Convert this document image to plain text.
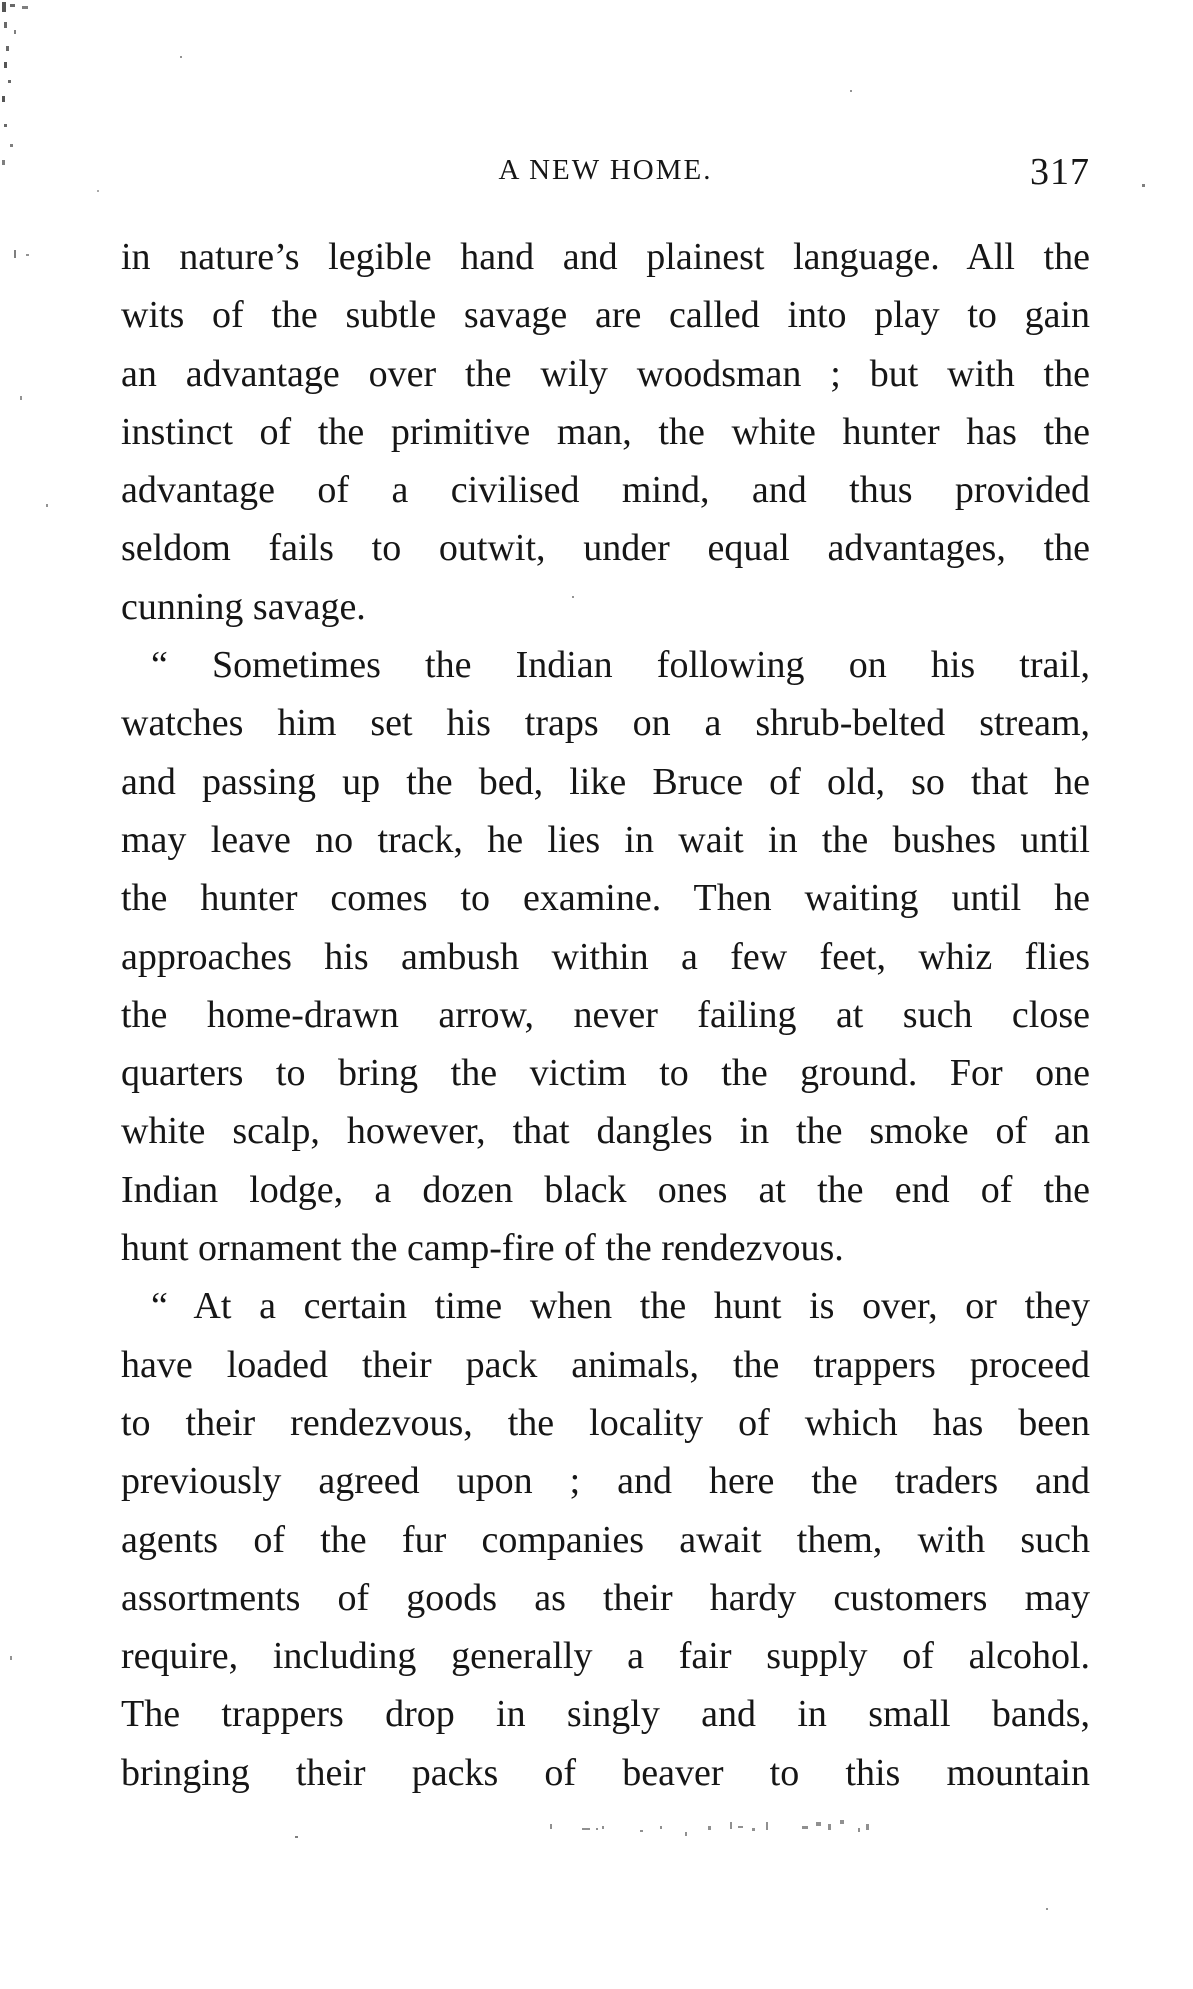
A NEW HOME.	317
in nature’s legible hand and plainest language. All the
wits of the subtle savage are called into play to gain
an advantage over the wily woodsman ; but with the
instinct of the primitive man, the white hunter has the
advantage of a civilised mind, and thus provided
seldom fails to outwit, under equal advantages, the
cunning savage.
“ Sometimes the Indian following on his trail,
watches him set his traps on a shrub-belted stream,
and passing up the bed, like Bruce of old, so that he
may leave no track, he lies in wait in the bushes until
the hunter comes to examine. Then waiting until he
approaches his ambush within a few feet, whiz flies
the home-drawn arrow, never failing at such close
quarters to bring the victim to the ground. For one
white scalp, however, that dangles in the smoke of an
Indian lodge, a dozen black ones at the end of the
hunt ornament the camp-fire of the rendezvous.
“ At a certain time when the hunt is over, or they
have loaded their pack animals, the trappers proceed
to their rendezvous, the locality of which has been
previously agreed upon ; and here the traders and
agents of the fur companies await them, with such
assortments of goods as their hardy customers may
require, including generally a fair supply of alcohol.
The trappers drop in singly and in small bands,
bringing their packs of beaver to this mountain
